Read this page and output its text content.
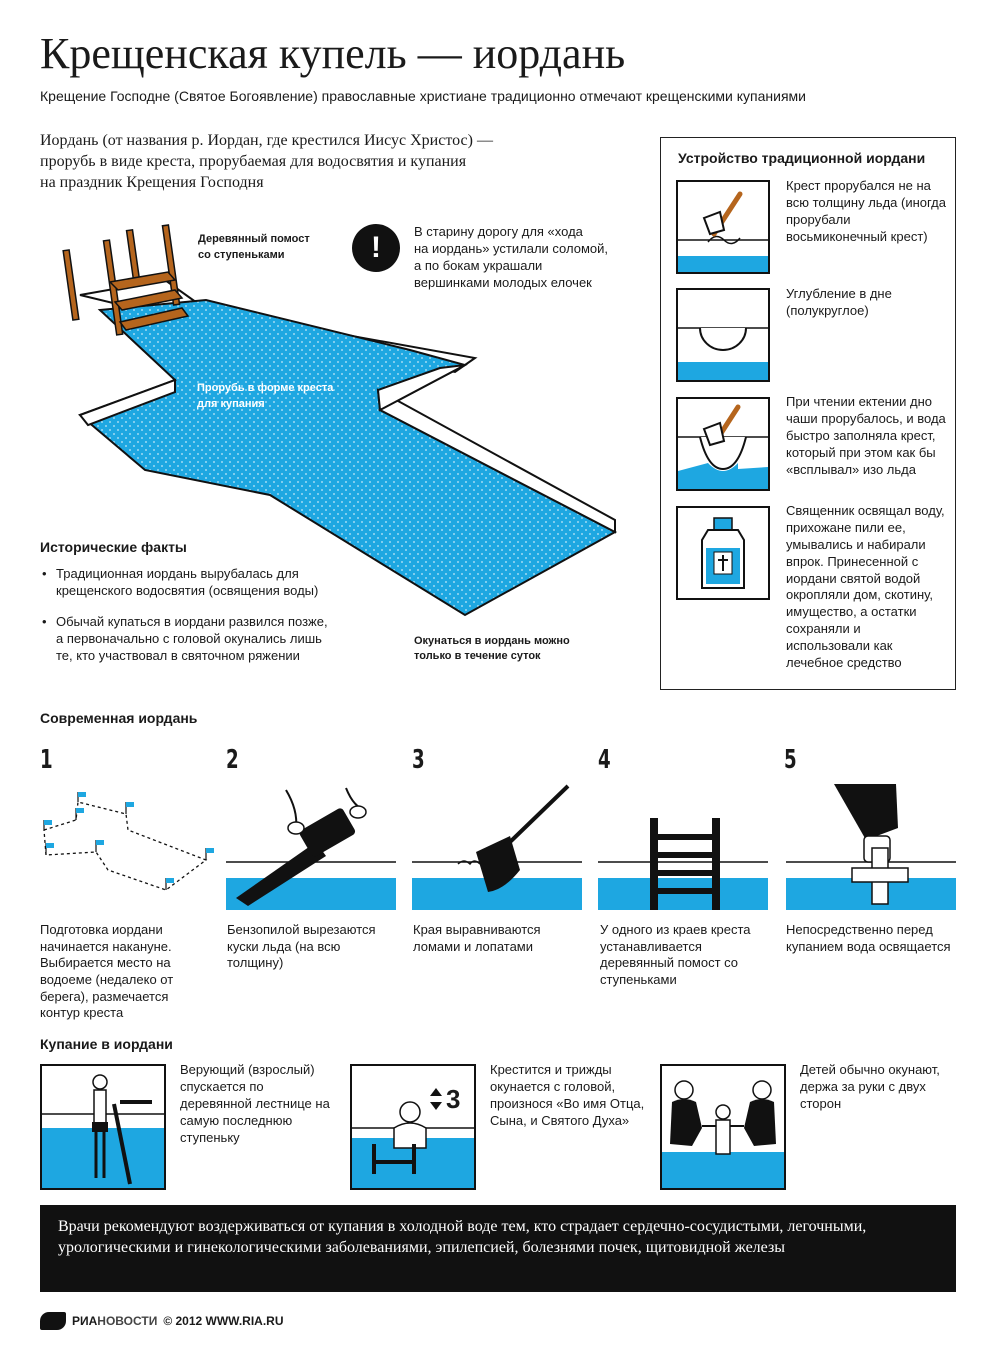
Крещенская купель — иордань
Крещение Господне (Святое Богоявление) православные христиане традиционно отмечают крещенскими купаниями
Иордань (от названия р. Иордан, где крестился Иисус Христос) —
прорубь в виде креста, прорубаемая для водосвятия и купания
на праздник Крещения Господня
Деревянный помост
со ступеньками
Прорубь в форме креста
для купания
!	В старину дорогу для «хода
на иордань» устилали соломой,
а по бокам украшали
вершинками молодых елочек
Окунаться в иордань можно
только в течение суток
Исторические факты
• Традиционная иордань вырубалась для крещенского водосвятия (освящения воды)
• Обычай купаться в иордани развился позже, а первоначально с головой окунались лишь те, кто участвовал в святочном ряжении
Устройство традиционной иордани
Крест прорубался не на всю толщину льда (иногда прорубали восьмиконечный крест)
Углубление в дне (полукруглое)
При чтении ектении дно чаши прорубалось, и вода быстро заполняла крест, который при этом как бы «всплывал» изо льда
Священник освящал воду, прихожане пили ее, умывались и набирали впрок. Принесенной с иордани святой водой окропляли дом, скотину, имущество, а остатки сохраняли и использовали как лечебное средство
Современная иордань
1
Подготовка иордани начинается накануне. Выбирается место на водоеме (недалеко от берега), размечается контур креста
2
Бензопилой вырезаются куски льда (на всю толщину)
3
Края выравниваются ломами и лопатами
4
У одного из краев креста устанавливается деревянный помост со ступеньками
5
Непосредственно перед купанием вода освящается
Купание в иордани
Верующий (взрослый) спускается по деревянной лестнице на самую последнюю ступеньку
3
Крестится и трижды окунается с головой, произнося «Во имя Отца, Сына, и Святого Духа»
Детей обычно окунают, держа за руки с двух сторон
Врачи рекомендуют воздерживаться от купания в холодной воде тем, кто страдает сердечно-сосудистыми, легочными, урологическими и гинекологическими заболеваниями, эпилепсией, болезнями почек, щитовидной железы
РИА НОВОСТИ © 2012 WWW.RIA.RU
